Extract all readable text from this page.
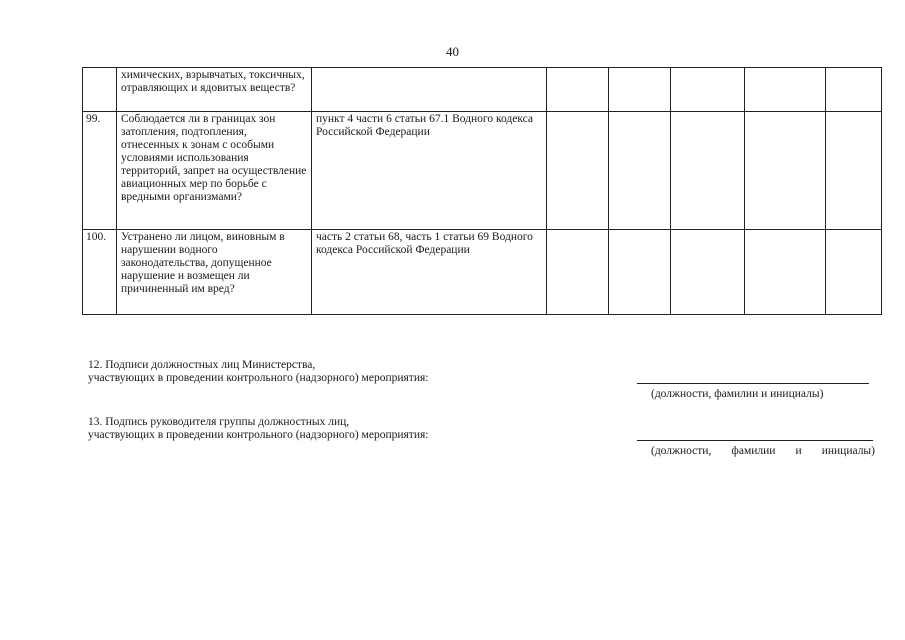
40
	химических, взрывчатых, токсичных, отравляющих и ядовитых веществ?						
99.	Соблюдается ли в границах зон затопления, подтопления, отнесенных к зонам с особыми условиями использования территорий, запрет на осуществление авиационных мер по борьбе с вредными организмами?	пункт 4 части 6 статьи 67.1 Водного кодекса Российской Федерации					
100.	Устранено ли лицом, виновным в нарушении водного законодательства, допущенное нарушение и возмещен ли причиненный им вред?	часть 2 статьи 68, часть 1 статьи 69 Водного кодекса Российской Федерации					
12. Подписи должностных лиц Министерства,
участвующих в проведении контрольного (надзорного) мероприятия:
(должности, фамилии и инициалы)
13. Подпись руководителя группы должностных лиц,
участвующих в проведении контрольного (надзорного) мероприятия:
(должности, фамилии и инициалы)
